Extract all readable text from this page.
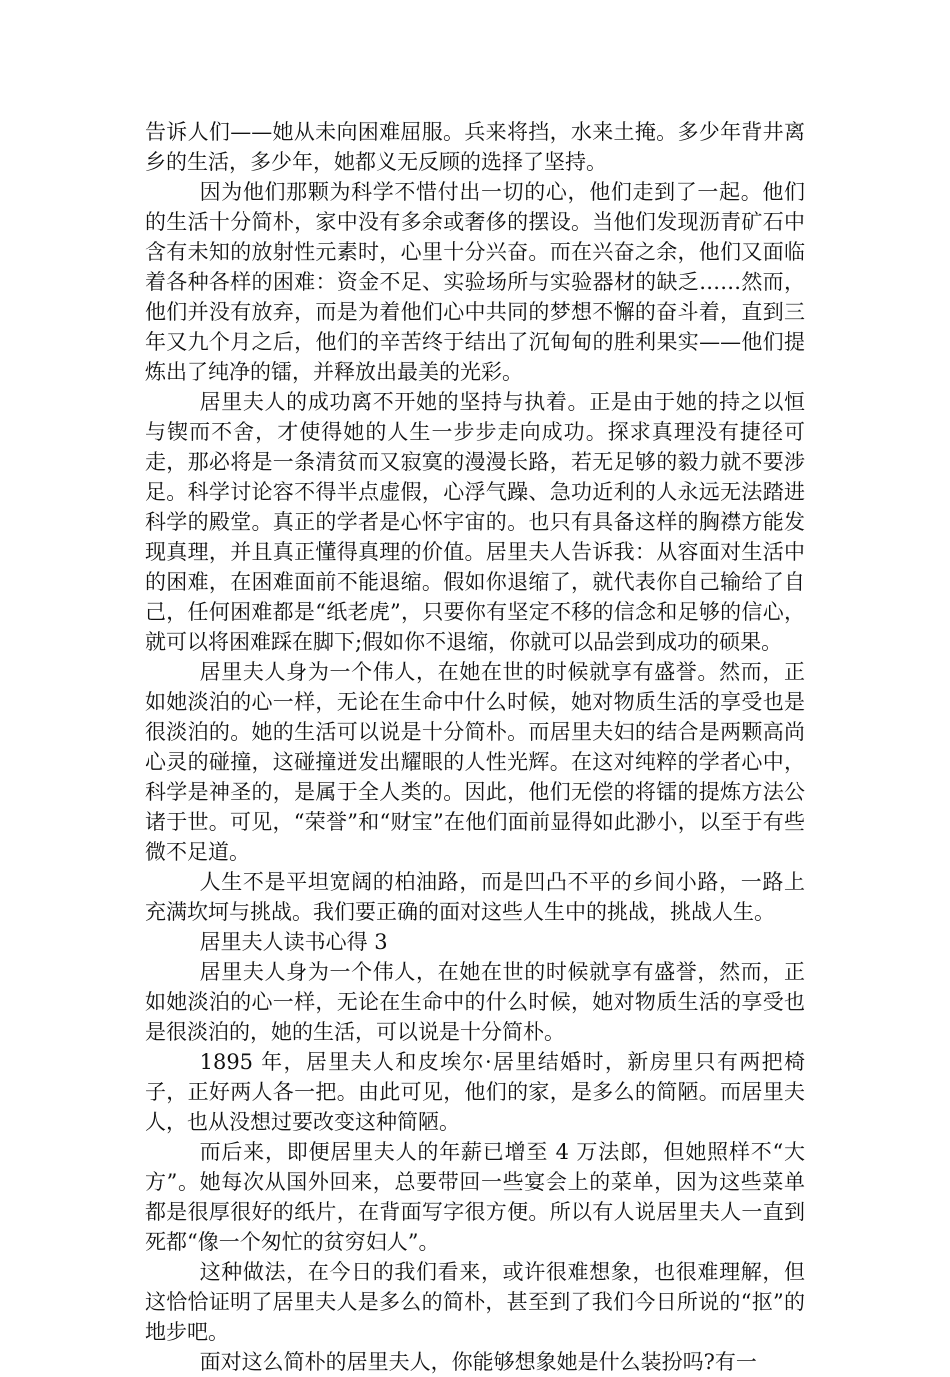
告诉人们——她从未向困难屈服。兵来将挡，水来土掩。多少年背井离乡的生活，多少年，她都义无反顾的选择了坚持。

因为他们那颗为科学不惜付出一切的心，他们走到了一起。他们的生活十分简朴，家中没有多余或奢侈的摆设。当他们发现沥青矿石中含有未知的放射性元素时，心里十分兴奋。而在兴奋之余，他们又面临着各种各样的困难：资金不足、实验场所与实验器材的缺乏……然而，他们并没有放弃，而是为着他们心中共同的梦想不懈的奋斗着，直到三年又九个月之后，他们的辛苦终于结出了沉甸甸的胜利果实——他们提炼出了纯净的镭，并释放出最美的光彩。

居里夫人的成功离不开她的坚持与执着。正是由于她的持之以恒与锲而不舍，才使得她的人生一步步走向成功。探求真理没有捷径可走，那必将是一条清贫而又寂寞的漫漫长路，若无足够的毅力就不要涉足。科学讨论容不得半点虚假，心浮气躁、急功近利的人永远无法踏进科学的殿堂。真正的学者是心怀宇宙的。也只有具备这样的胸襟方能发现真理，并且真正懂得真理的价值。居里夫人告诉我：从容面对生活中的困难，在困难面前不能退缩。假如你退缩了，就代表你自己输给了自己，任何困难都是“纸老虎”，只要你有坚定不移的信念和足够的信心，就可以将困难踩在脚下;假如你不退缩，你就可以品尝到成功的硕果。

居里夫人身为一个伟人，在她在世的时候就享有盛誉。然而，正如她淡泊的心一样，无论在生命中什么时候，她对物质生活的享受也是很淡泊的。她的生活可以说是十分简朴。而居里夫妇的结合是两颗高尚心灵的碰撞，这碰撞迸发出耀眼的人性光辉。在这对纯粹的学者心中，科学是神圣的，是属于全人类的。因此，他们无偿的将镭的提炼方法公诸于世。可见，“荣誉”和“财宝”在他们面前显得如此渺小，以至于有些微不足道。

人生不是平坦宽阔的柏油路，而是凹凸不平的乡间小路，一路上充满坎坷与挑战。我们要正确的面对这些人生中的挑战，挑战人生。

居里夫人读书心得 3

居里夫人身为一个伟人，在她在世的时候就享有盛誉，然而，正如她淡泊的心一样，无论在生命中的什么时候，她对物质生活的享受也是很淡泊的，她的生活，可以说是十分简朴。

1895 年，居里夫人和皮埃尔·居里结婚时，新房里只有两把椅子，正好两人各一把。由此可见，他们的家，是多么的简陋。而居里夫人，也从没想过要改变这种简陋。

而后来，即便居里夫人的年薪已增至 4 万法郎，但她照样不“大方”。她每次从国外回来，总要带回一些宴会上的菜单，因为这些菜单都是很厚很好的纸片，在背面写字很方便。所以有人说居里夫人一直到死都“像一个匆忙的贫穷妇人”。

这种做法，在今日的我们看来，或许很难想象，也很难理解，但这恰恰证明了居里夫人是多么的简朴，甚至到了我们今日所说的“抠”的地步吧。

面对这么简朴的居里夫人，你能够想象她是什么装扮吗?有一
